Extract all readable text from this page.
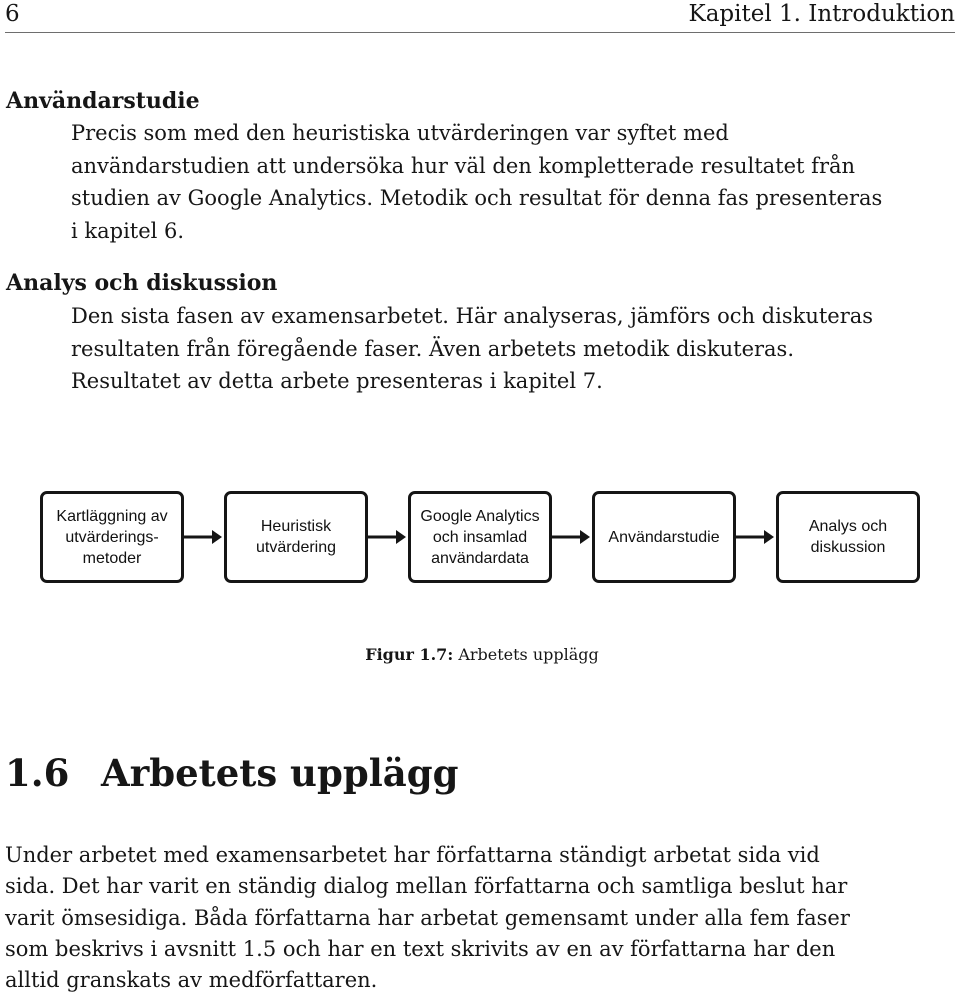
6	Kapitel 1. Introduktion
Användarstudie
Precis som med den heuristiska utvärderingen var syftet med
användarstudien att undersöka hur väl den kompletterade resultatet från
studien av Google Analytics. Metodik och resultat för denna fas presenteras
i kapitel 6.
Analys och diskussion
Den sista fasen av examensarbetet. Här analyseras, jämförs och diskuteras
resultaten från föregående faser. Även arbetets metodik diskuteras.
Resultatet av detta arbete presenteras i kapitel 7.
Kartläggning av
utvärderings-
metoder
Heuristisk
utvärdering
Google Analytics
och insamlad
användardata
Användarstudie
Analys och
diskussion
Figur 1.7: Arbetets upplägg
1.6 Arbetets upplägg
Under arbetet med examensarbetet har författarna ständigt arbetat sida vid
sida. Det har varit en ständig dialog mellan författarna och samtliga beslut har
varit ömsesidiga. Båda författarna har arbetat gemensamt under alla fem faser
som beskrivs i avsnitt 1.5 och har en text skrivits av en av författarna har den
alltid granskats av medförfattaren.
